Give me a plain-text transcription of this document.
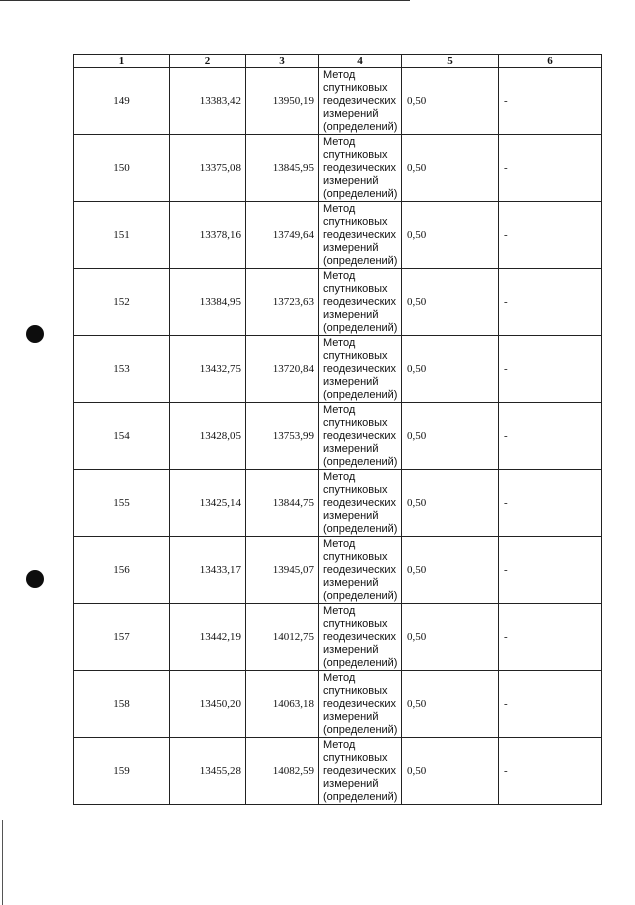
1	2	3	4	5	6
149	13383,42	13950,19	Метод
спутниковых
геодезических
измерений
(определений)	0,50	-
150	13375,08	13845,95	Метод
спутниковых
геодезических
измерений
(определений)	0,50	-
151	13378,16	13749,64	Метод
спутниковых
геодезических
измерений
(определений)	0,50	-
152	13384,95	13723,63	Метод
спутниковых
геодезических
измерений
(определений)	0,50	-
153	13432,75	13720,84	Метод
спутниковых
геодезических
измерений
(определений)	0,50	-
154	13428,05	13753,99	Метод
спутниковых
геодезических
измерений
(определений)	0,50	-
155	13425,14	13844,75	Метод
спутниковых
геодезических
измерений
(определений)	0,50	-
156	13433,17	13945,07	Метод
спутниковых
геодезических
измерений
(определений)	0,50	-
157	13442,19	14012,75	Метод
спутниковых
геодезических
измерений
(определений)	0,50	-
158	13450,20	14063,18	Метод
спутниковых
геодезических
измерений
(определений)	0,50	-
159	13455,28	14082,59	Метод
спутниковых
геодезических
измерений
(определений)	0,50	-
